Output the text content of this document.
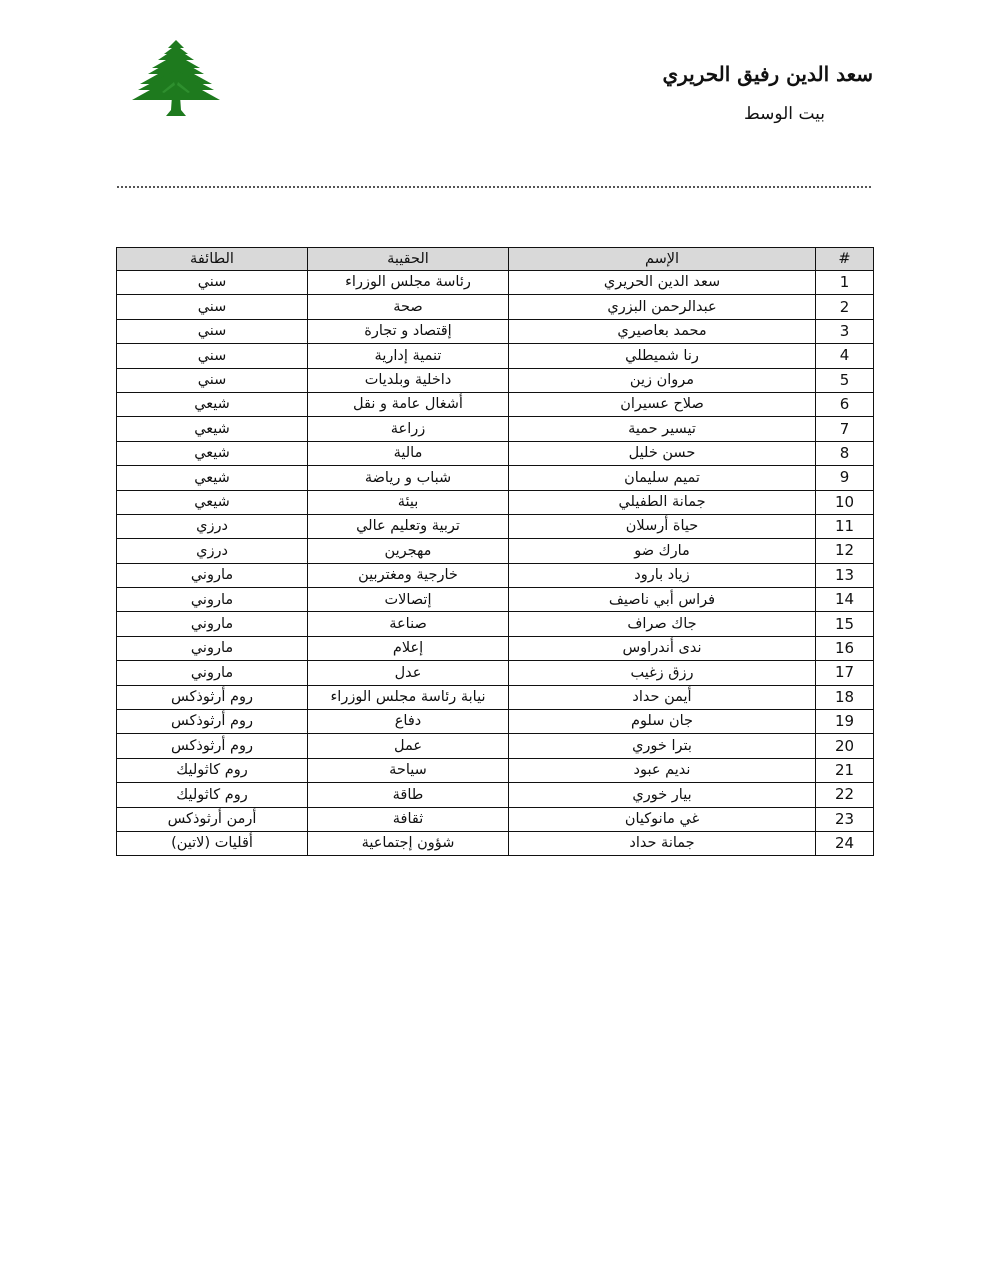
سعد الدين رفيق الحريري
بيت الوسط
#	الإسم	الحقيبة	الطائفة
1	سعد الدين الحريري	رئاسة مجلس الوزراء	سني
2	عبدالرحمن البزري	صحة	سني
3	محمد بعاصيري	إقتصاد و تجارة	سني
4	رنا شميطلي	تنمية إدارية	سني
5	مروان زين	داخلية وبلديات	سني
6	صلاح عسيران	أشغال عامة و نقل	شيعي
7	تيسير حمية	زراعة	شيعي
8	حسن خليل	مالية	شيعي
9	تميم سليمان	شباب و رياضة	شيعي
10	جمانة الطفيلي	بيئة	شيعي
11	حياة أرسلان	تربية وتعليم عالي	درزي
12	مارك ضو	مهجرين	درزي
13	زياد بارود	خارجية ومغتربين	ماروني
14	فراس أبي ناصيف	إتصالات	ماروني
15	جاك صراف	صناعة	ماروني
16	ندى أندراوس	إعلام	ماروني
17	رزق زغيب	عدل	ماروني
18	أيمن حداد	نيابة رئاسة مجلس الوزراء	روم أرثوذكس
19	جان سلوم	دفاع	روم أرثوذكس
20	بترا خوري	عمل	روم أرثوذكس
21	نديم عبود	سياحة	روم كاثوليك
22	بيار خوري	طاقة	روم كاثوليك
23	غي مانوكيان	ثقافة	أرمن أرثوذكس
24	جمانة حداد	شؤون إجتماعية	أقليات (لاتين)
